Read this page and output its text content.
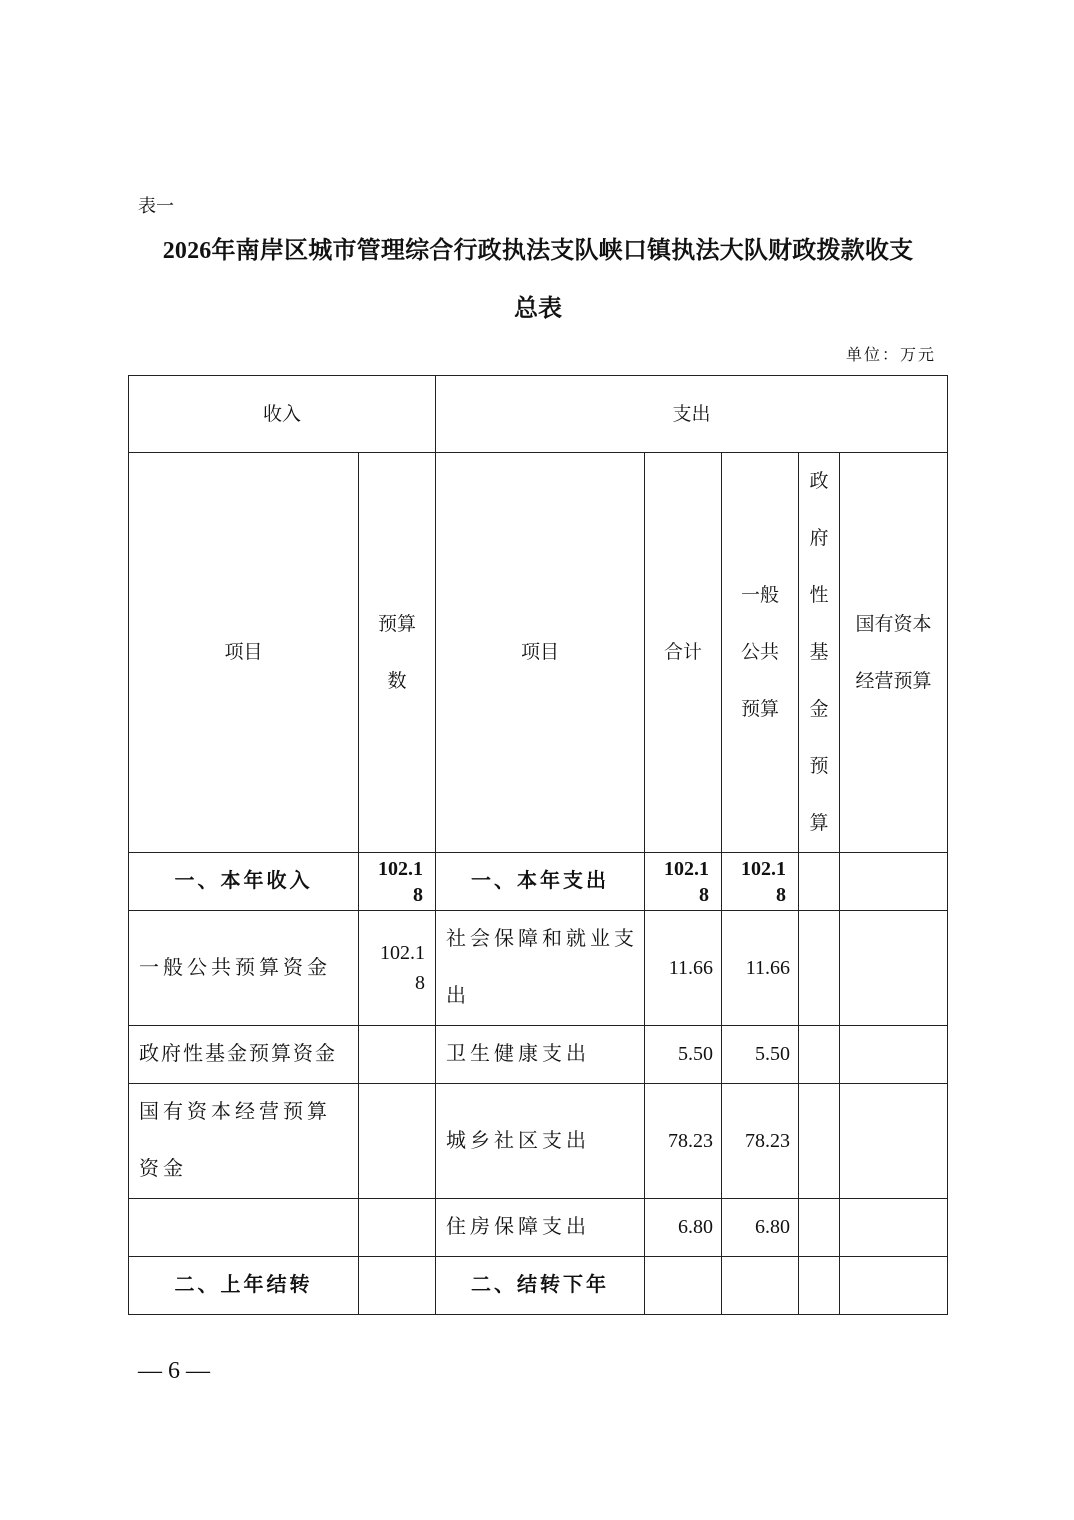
表一
2026年南岸区城市管理综合行政执法支队峡口镇执法大队财政拨款收支
总表
单位：万元
收入		支出				
项目	预算数	项目	合计	一般公共预算	政府性基金预算	国有资本经营预算
一、本年收入	102.18	一、本年支出	102.18	102.18		
一般公共预算资金	102.18	社会保障和就业支出	11.66	11.66		
政府性基金预算资金		卫生健康支出	5.50	5.50		
国有资本经营预算资金		城乡社区支出	78.23	78.23		
		住房保障支出	6.80	6.80		
二、上年结转		二、结转下年				
— 6 —
